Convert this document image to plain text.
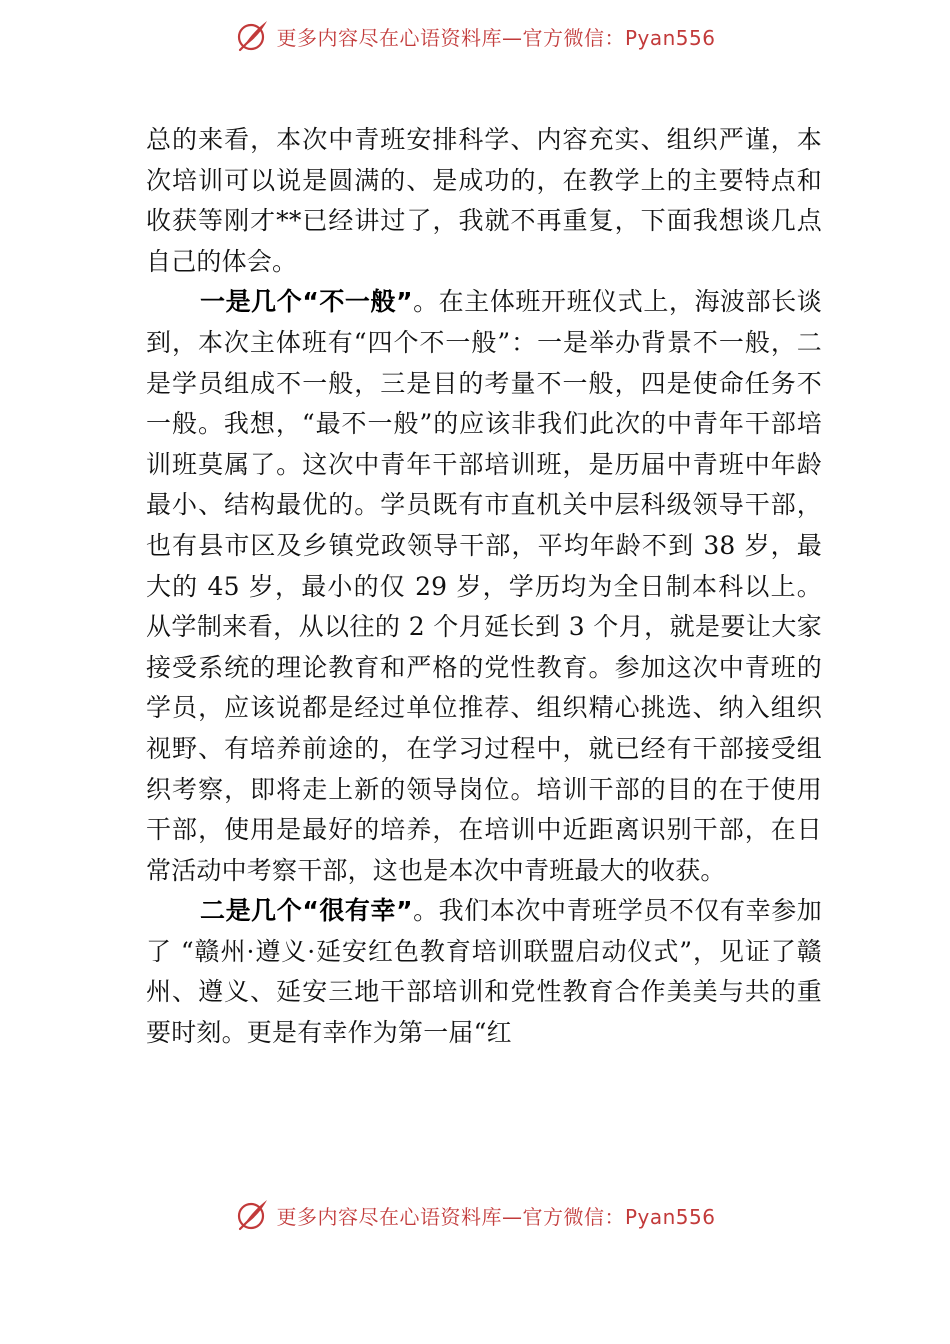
更多内容尽在心语资料库—官方微信：Pyan556

总的来看，本次中青班安排科学、内容充实、组织严谨，本次培训可以说是圆满的、是成功的，在教学上的主要特点和收获等刚才**已经讲过了，我就不再重复，下面我想谈几点自己的体会。

一是几个“不一般”。在主体班开班仪式上，海波部长谈到，本次主体班有“四个不一般”：一是举办背景不一般，二是学员组成不一般，三是目的考量不一般，四是使命任务不一般。我想，“最不一般”的应该非我们此次的中青年干部培训班莫属了。这次中青年干部培训班，是历届中青班中年龄最小、结构最优的。学员既有市直机关中层科级领导干部，也有县市区及乡镇党政领导干部，平均年龄不到 38 岁，最大的 45 岁，最小的仅 29 岁，学历均为全日制本科以上。从学制来看，从以往的 2 个月延长到 3 个月，就是要让大家接受系统的理论教育和严格的党性教育。参加这次中青班的学员，应该说都是经过单位推荐、组织精心挑选、纳入组织视野、有培养前途的，在学习过程中，就已经有干部接受组织考察，即将走上新的领导岗位。培训干部的目的在于使用干部，使用是最好的培养，在培训中近距离识别干部，在日常活动中考察干部，这也是本次中青班最大的收获。

二是几个“很有幸”。我们本次中青班学员不仅有幸参加了 “赣州·遵义·延安红色教育培训联盟启动仪式”，见证了赣州、遵义、延安三地干部培训和党性教育合作美美与共的重要时刻。更是有幸作为第一届“红

更多内容尽在心语资料库—官方微信：Pyan556
